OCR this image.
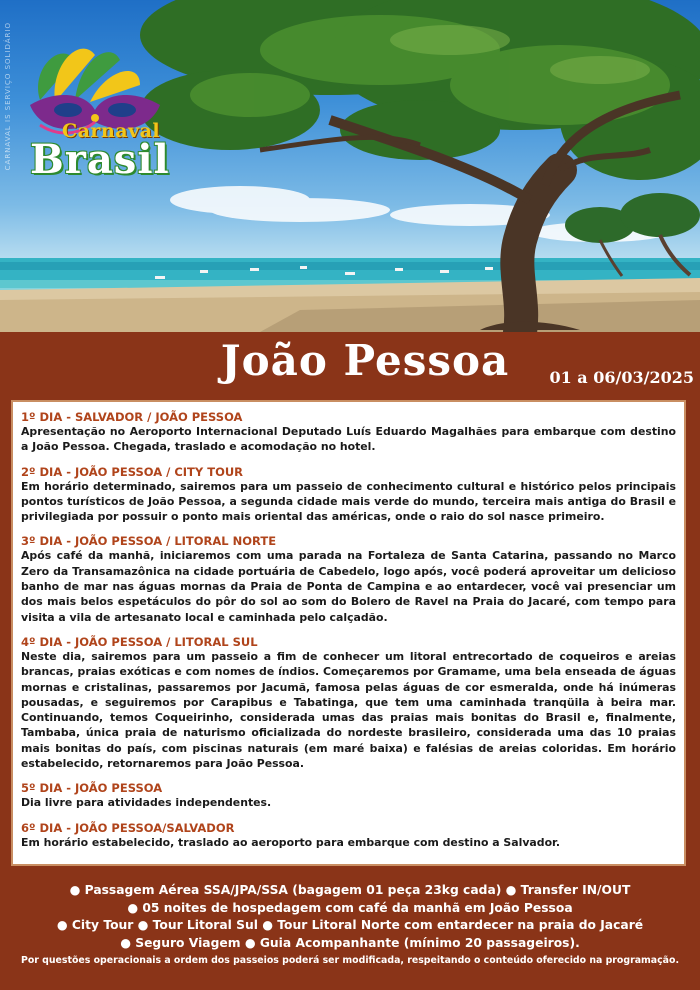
Carnaval
Brasil
CARNAVAL IS SERVIÇO SOLIDÁRIO
João Pessoa	01 a 06/03/2025
1º DIA - SALVADOR / JOÃO PESSOA

Apresentação no Aeroporto Internacional Deputado Luís Eduardo Magalhães para embarque com destino a João Pessoa. Chegada, traslado e acomodação no hotel.

2º DIA - JOÃO PESSOA / CITY TOUR

Em horário determinado, sairemos para um passeio de conhecimento cultural e histórico pelos principais pontos turísticos de João Pessoa, a segunda cidade mais verde do mundo, terceira mais antiga do Brasil e privilegiada por possuir o ponto mais oriental das américas, onde o raio do sol nasce primeiro.

3º DIA - JOÃO PESSOA / LITORAL NORTE

Após café da manhã, iniciaremos com uma parada na Fortaleza de Santa Catarina, passando no Marco Zero da Transamazônica na cidade portuária de Cabedelo, logo após, você poderá aproveitar um delicioso banho de mar nas águas mornas da Praia de Ponta de Campina e ao entardecer, você vai presenciar um dos mais belos espetáculos do pôr do sol ao som do Bolero de Ravel na Praia do Jacaré, com tempo para visita a vila de artesanato local e caminhada pelo calçadão.

4º DIA - JOÃO PESSOA / LITORAL SUL

Neste dia, sairemos para um passeio a fim de conhecer um litoral entrecortado de coqueiros e areias brancas, praias exóticas e com nomes de índios. Começaremos por Gramame, uma bela enseada de águas mornas e cristalinas, passaremos por Jacumã, famosa pelas águas de cor esmeralda, onde há inúmeras pousadas, e seguiremos por Carapibus e Tabatinga, que tem uma caminhada tranqüila à beira mar. Continuando, temos Coqueirinho, considerada umas das praias mais bonitas do Brasil e, finalmente, Tambaba, única praia de naturismo oficializada do nordeste brasileiro, considerada uma das 10 praias mais bonitas do país, com piscinas naturais (em maré baixa) e falésias de areias coloridas. Em horário estabelecido, retornaremos para João Pessoa.

5º DIA - JOÃO PESSOA

Dia livre para atividades independentes.

6º DIA - JOÃO PESSOA/SALVADOR

Em horário estabelecido, traslado ao aeroporto para embarque com destino a Salvador.

● Passagem Aérea SSA/JPA/SSA (bagagem 01 peça 23kg cada) ● Transfer IN/OUT
● 05 noites de hospedagem com café da manhã em João Pessoa
● City Tour ● Tour Litoral Sul ● Tour Litoral Norte com entardecer na praia do Jacaré
● Seguro Viagem ● Guia Acompanhante (mínimo 20 passageiros).
Por questões operacionais a ordem dos passeios poderá ser modificada, respeitando o conteúdo oferecido na programação.
